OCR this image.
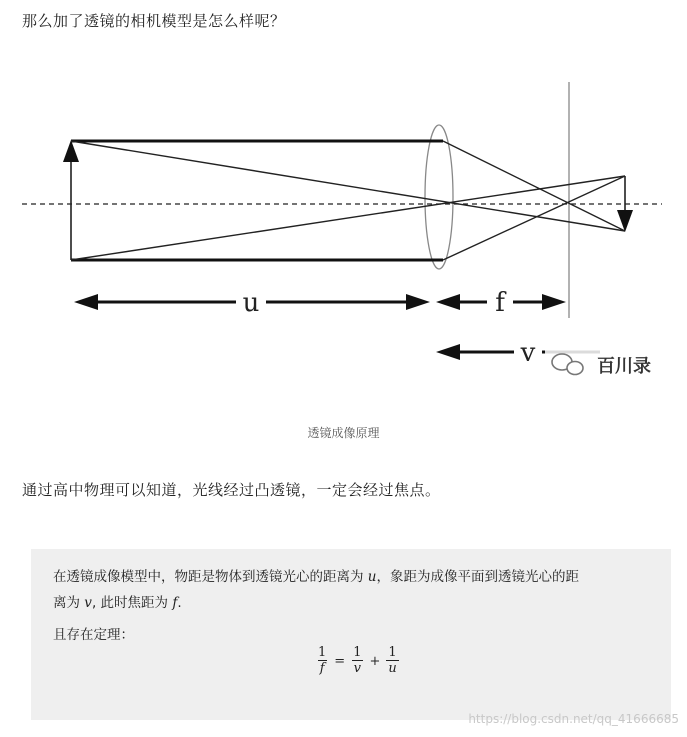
那么加了透镜的相机模型是怎么样呢？
u	f
v	百川录
透镜成像原理
通过高中物理可以知道，光线经过凸透镜，一定会经过焦点。
在透镜成像模型中，物距是物体到透镜光心的距离为 u，象距为成像平面到透镜光心的距
离为 v, 此时焦距为 f.
且存在定理：
$\frac{1}{f} = \frac{1}{v} + \frac{1}{u}$
https://blog.csdn.net/qq_41666685
